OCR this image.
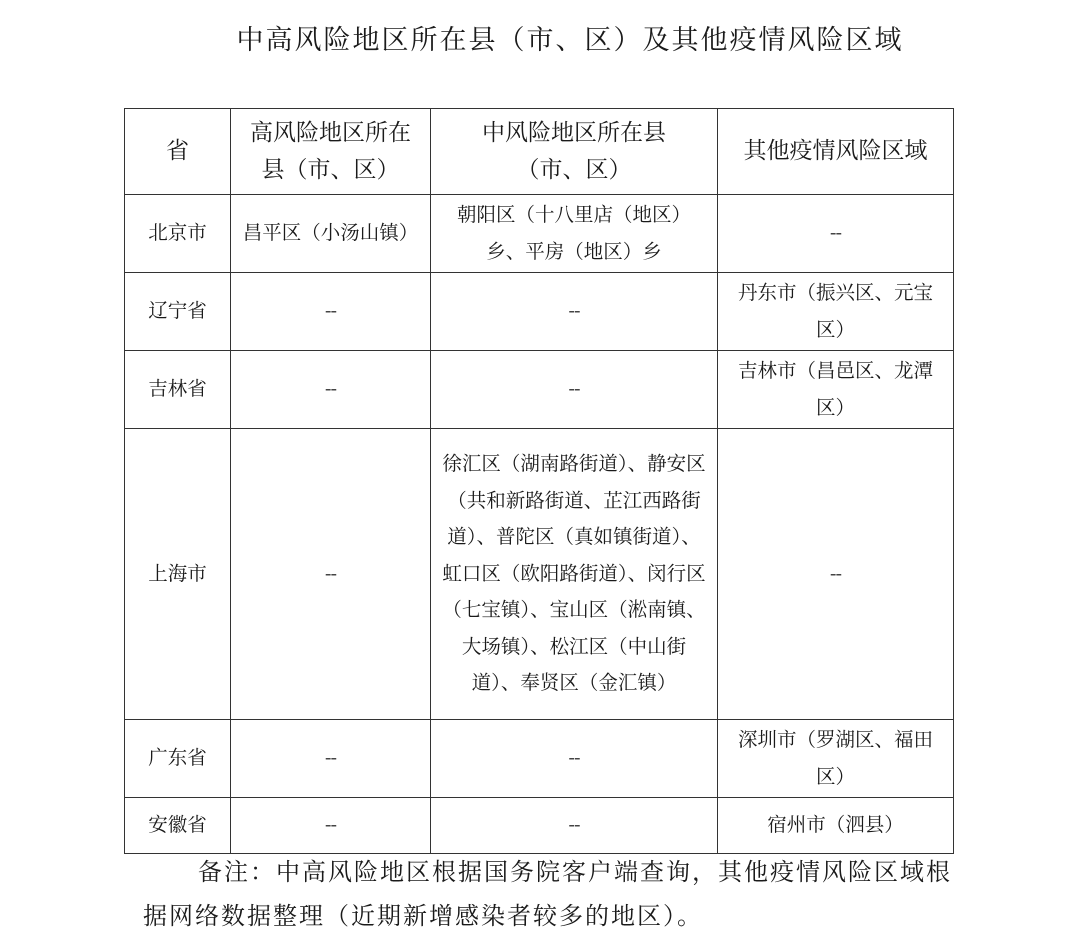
中高风险地区所在县（市、区）及其他疫情风险区域
省	高风险地区所在县（市、区）	中风险地区所在县（市、区）	其他疫情风险区域
北京市	昌平区（小汤山镇）	朝阳区（十八里店（地区）乡、平房（地区）乡	--
辽宁省	--	--	丹东市（振兴区、元宝区）
吉林省	--	--	吉林市（昌邑区、龙潭区）
上海市	--	徐汇区（湖南路街道）、静安区（共和新路街道、芷江西路街道）、普陀区（真如镇街道）、虹口区（欧阳路街道）、闵行区（七宝镇）、宝山区（淞南镇、大场镇）、松江区（中山街道）、奉贤区（金汇镇）	--
广东省	--	--	深圳市（罗湖区、福田区）
安徽省	--	--	宿州市（泗县）
备注：中高风险地区根据国务院客户端查询，其他疫情风险区域根据网络数据整理（近期新增感染者较多的地区）。
